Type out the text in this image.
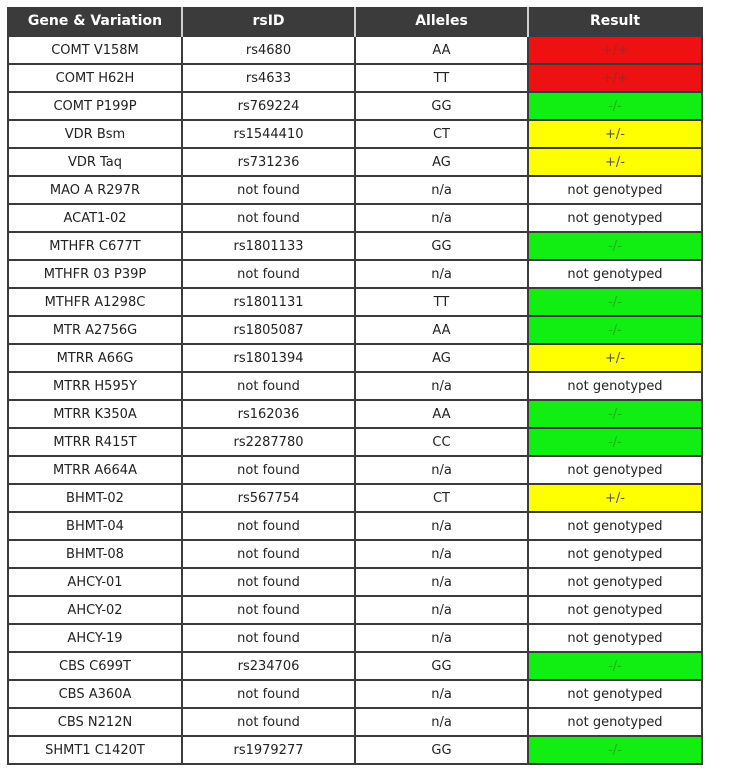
Gene & Variation	rsID	Alleles	Result
COMT V158M	rs4680	AA	+/+
COMT H62H	rs4633	TT	+/+
COMT P199P	rs769224	GG	-/-
VDR Bsm	rs1544410	CT	+/-
VDR Taq	rs731236	AG	+/-
MAO A R297R	not found	n/a	not genotyped
ACAT1-02	not found	n/a	not genotyped
MTHFR C677T	rs1801133	GG	-/-
MTHFR 03 P39P	not found	n/a	not genotyped
MTHFR A1298C	rs1801131	TT	-/-
MTR A2756G	rs1805087	AA	-/-
MTRR A66G	rs1801394	AG	+/-
MTRR H595Y	not found	n/a	not genotyped
MTRR K350A	rs162036	AA	-/-
MTRR R415T	rs2287780	CC	-/-
MTRR A664A	not found	n/a	not genotyped
BHMT-02	rs567754	CT	+/-
BHMT-04	not found	n/a	not genotyped
BHMT-08	not found	n/a	not genotyped
AHCY-01	not found	n/a	not genotyped
AHCY-02	not found	n/a	not genotyped
AHCY-19	not found	n/a	not genotyped
CBS C699T	rs234706	GG	-/-
CBS A360A	not found	n/a	not genotyped
CBS N212N	not found	n/a	not genotyped
SHMT1 C1420T	rs1979277	GG	-/-
